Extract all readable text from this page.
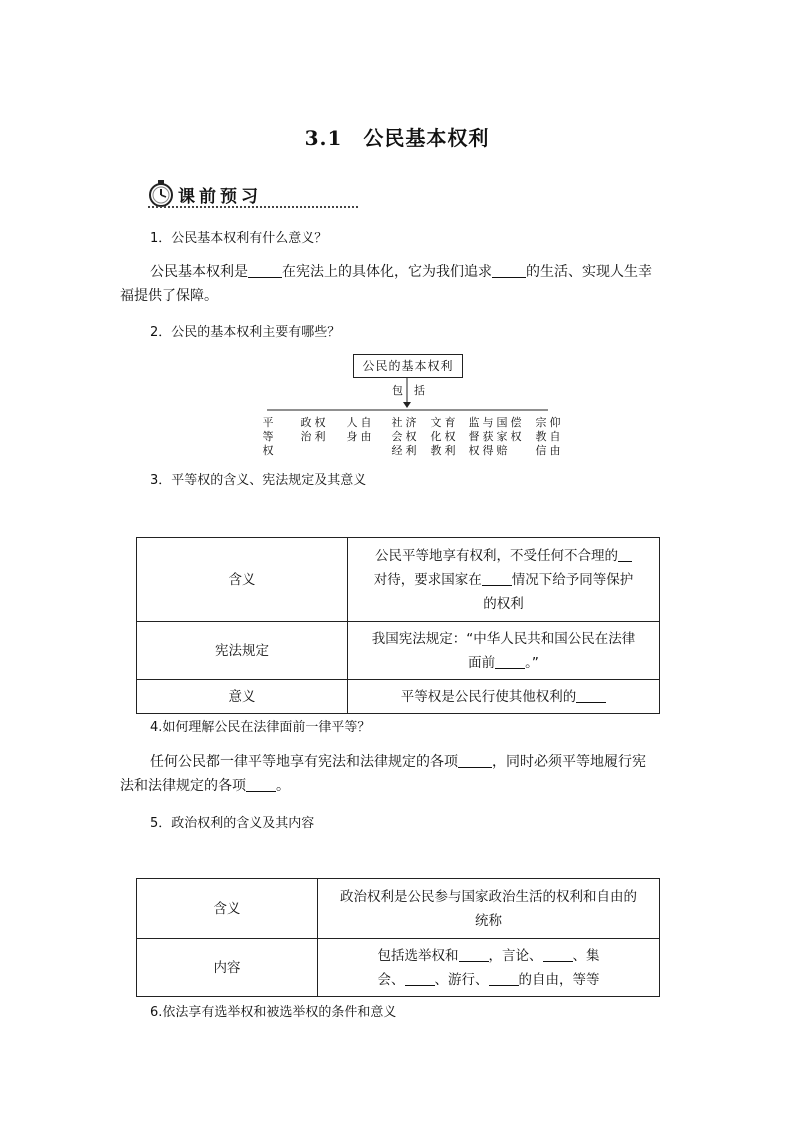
3.1　公民基本权利
课前预习
1．公民基本权利有什么意义？
公民基本权利是 在宪法上的具体化，它为我们追求 的生活、实现人生幸
福提供了保障。
2．公民的基本权利主要有哪些？
公民的基本权利
包 括
平
等
权
政
治
权
利
人
身
自
由
社
会
经
济
权
利
文
化
教
育
权
利
监
督
权
与
获
得
国
家
赔
偿
权
宗
教
信
仰
自
由
3．平等权的含义、宪法规定及其意义
含义	公民平等地享有权利，不受任何不合理的
对待，要求国家在 情况下给予同等保护
的权利
宪法规定	我国宪法规定：“中华人民共和国公民在法律
面前 。”
意义	平等权是公民行使其他权利的
4.如何理解公民在法律面前一律平等？
任何公民都一律平等地享有宪法和法律规定的各项 ，同时必须平等地履行宪
法和法律规定的各项 。
5．政治权利的含义及其内容
含义	政治权利是公民参与国家政治生活的权利和自由的
统称
内容	包括选举权和 ，言论、 、集
会、 、游行、 的自由，等等
6.依法享有选举权和被选举权的条件和意义
